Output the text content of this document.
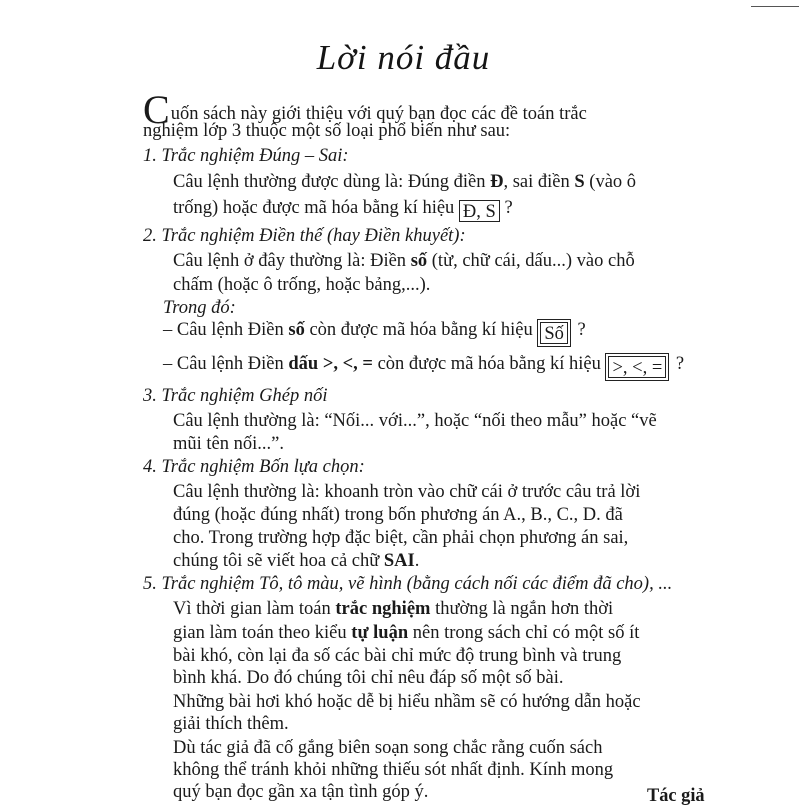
Lời nói đầu
Cuốn sách này giới thiệu với quý bạn đọc các đề toán trắc
nghiệm lớp 3 thuộc một số loại phổ biến như sau:
1. Trắc nghiệm Đúng – Sai:
Câu lệnh thường được dùng là: Đúng điền Đ, sai điền S (vào ô
trống) hoặc được mã hóa bằng kí hiệu Đ, S ?
2. Trắc nghiệm Điền thế (hay Điền khuyết):
Câu lệnh ở đây thường là: Điền số (từ, chữ cái, dấu...) vào chỗ
chấm (hoặc ô trống, hoặc bảng,...).
Trong đó:
– Câu lệnh Điền số còn được mã hóa bằng kí hiệu Số ?
– Câu lệnh Điền dấu >, <, = còn được mã hóa bằng kí hiệu >, <, = ?
3. Trắc nghiệm Ghép nối
Câu lệnh thường là: “Nối... với...”, hoặc “nối theo mẫu” hoặc “vẽ
mũi tên nối...”.
4. Trắc nghiệm Bốn lựa chọn:
Câu lệnh thường là: khoanh tròn vào chữ cái ở trước câu trả lời
đúng (hoặc đúng nhất) trong bốn phương án A., B., C., D. đã
cho. Trong trường hợp đặc biệt, cần phải chọn phương án sai,
chúng tôi sẽ viết hoa cả chữ SAI.
5. Trắc nghiệm Tô, tô màu, vẽ hình (bằng cách nối các điểm đã cho), ...
Vì thời gian làm toán trắc nghiệm thường là ngắn hơn thời
gian làm toán theo kiểu tự luận nên trong sách chỉ có một số ít
bài khó, còn lại đa số các bài chỉ mức độ trung bình và trung
bình khá. Do đó chúng tôi chỉ nêu đáp số một số bài.
Những bài hơi khó hoặc dễ bị hiểu nhầm sẽ có hướng dẫn hoặc
giải thích thêm.
Dù tác giả đã cố gắng biên soạn song chắc rằng cuốn sách
không thể tránh khỏi những thiếu sót nhất định. Kính mong
quý bạn đọc gần xa tận tình góp ý.	Tác giả
